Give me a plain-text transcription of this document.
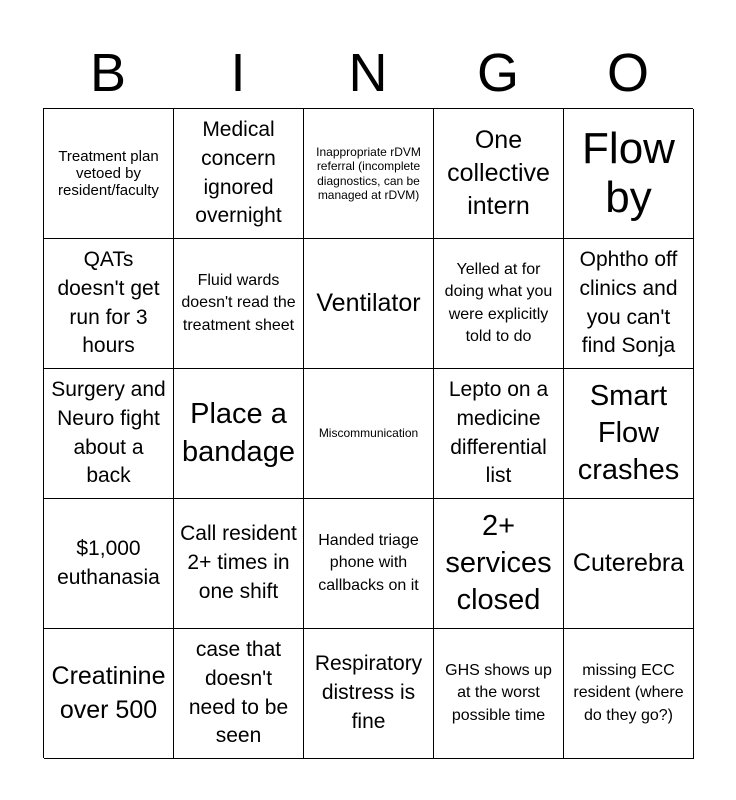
B	I	N	G	O
Treatment plan vetoed by resident/faculty
Medical concern ignored overnight
Inappropriate rDVM referral (incomplete diagnostics, can be managed at rDVM)
One collective intern
Flow by
QATs doesn't get run for 3 hours
Fluid wards doesn't read the treatment sheet
Ventilator
Yelled at for doing what you were explicitly told to do
Ophtho off clinics and you can't find Sonja
Surgery and Neuro fight about a back
Place a bandage
Miscommunication
Lepto on a medicine differential list
Smart Flow crashes
$1,000 euthanasia
Call resident 2+ times in one shift
Handed triage phone with callbacks on it
2+ services closed
Cuterebra
Creatinine over 500
case that doesn't need to be seen
Respiratory distress is fine
GHS shows up at the worst possible time
missing ECC resident (where do they go?)
